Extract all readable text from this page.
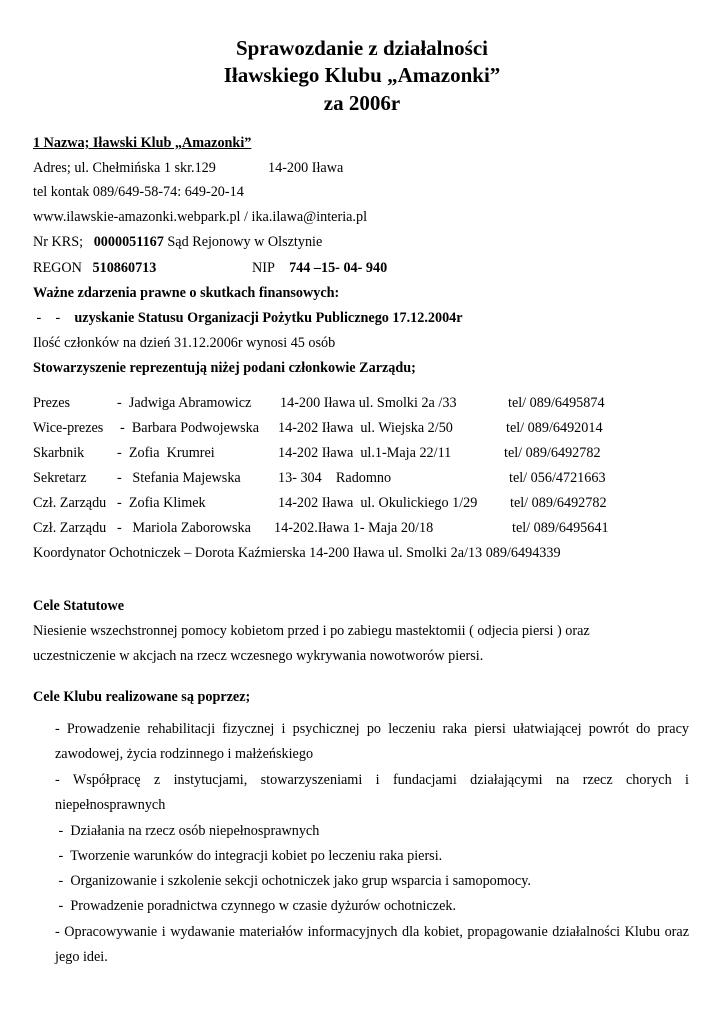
Sprawozdanie z działalności
Iławskiego Klubu „Amazonki”
za 2006r
1 Nazwa; Iławski Klub „Amazonki”
Adres; ul. Chełmińska 1 skr.129	14-200 Iława
tel kontak 089/649-58-74: 649-20-14
www.ilawskie-amazonki.webpark.pl / ika.ilawa@interia.pl
Nr KRS; 0000051167 Sąd Rejonowy w Olsztynie
REGON 510860713	NIP 744 –15- 04- 940
Ważne zdarzenia prawne o skutkach finansowych:
-    - uzyskanie Statusu Organizacji Pożytku Publicznego 17.12.2004r
Ilość członków na dzień 31.12.2006r wynosi 45 osób
Stowarzyszenie reprezentują niżej podani członkowie Zarządu;
Prezes	-  Jadwiga Abramowicz 14-200 Iława ul. Smolki 2a /33	tel/ 089/6495874
Wice-prezes -  Barbara Podwojewska 14-202 Iława  ul. Wiejska 2/50	tel/ 089/6492014
Skarbnik -  Zofia  Krumrei	14-202 Iława  ul.1-Maja 22/11	tel/ 089/6492782
Sekretarz -   Stefania Majewska	13- 304    Radomno	tel/ 056/4721663
Czł. Zarządu -  Zofia Klimek	14-202 Iława  ul. Okulickiego 1/29 tel/ 089/6492782
Czł. Zarządu -   Mariola Zaborowska 14-202.Iława 1- Maja 20/18	tel/ 089/6495641
Koordynator Ochotniczek – Dorota Kaźmierska 14-200 Iława ul. Smolki 2a/13 089/6494339
Cele Statutowe
Niesienie wszechstronnej pomocy kobietom przed i po zabiegu mastektomii ( odjecia piersi ) oraz
uczestniczenie w akcjach na rzecz wczesnego wykrywania nowotworów piersi.
Cele Klubu realizowane są poprzez;
- Prowadzenie rehabilitacji fizycznej i psychicznej po leczeniu raka piersi ułatwiającej powrót do pracy zawodowej, życia rodzinnego i małżeńskiego
- Współpracę z instytucjami, stowarzyszeniami i fundacjami działającymi na rzecz chorych i niepełnosprawnych
-  Działania na rzecz osób niepełnosprawnych
-  Tworzenie warunków do integracji kobiet po leczeniu raka piersi.
-  Organizowanie i szkolenie sekcji ochotniczek jako grup wsparcia i samopomocy.
-  Prowadzenie poradnictwa czynnego w czasie dyżurów ochotniczek.
- Opracowywanie i wydawanie materiałów informacyjnych dla kobiet, propagowanie działalności Klubu oraz jego idei.
